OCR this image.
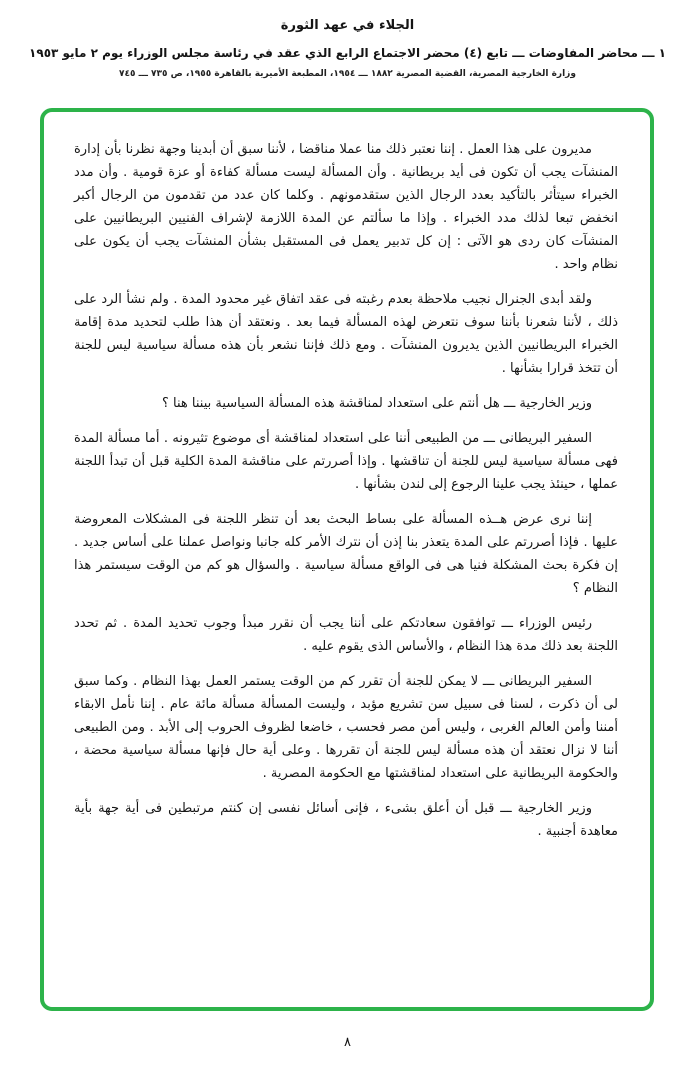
الجلاء في عهد الثورة
١ ـــ محاضر المفاوضات ـــ تابع (٤) محضر الاجتماع الرابع الذي عقد في رئاسة مجلس الوزراء يوم ٢ مايو ١٩٥٣
وزارة الخارجية المصرية، القضية المصرية ١٨٨٢ ـــ ١٩٥٤، المطبعة الأميرية بالقاهرة ١٩٥٥، ص ٧٣٥ ـــ ٧٤٥

مديرون على هذا العمل . إننا نعتبر ذلك منا عملا مناقضا ، لأننا سبق أن أبدينا وجهة نظرنا بأن إدارة المنشآت يجب أن تكون فى أيد بريطانية . وأن المسألة ليست مسألة كفاءة أو عزة قومية . وأن مدد الخبراء سيتأثر بالتأكيد بعدد الرجال الذين ستقدمونهم . وكلما كان عدد من تقدمون من الرجال أكبر انخفض تبعا لذلك مدد الخبراء . وإذا ما سألتم عن المدة اللازمة لإشراف الفنيين البريطانيين على المنشآت كان ردى هو الآتى : إن كل تدبير يعمل فى المستقبل بشأن المنشآت يجب أن يكون على نظام واحد .

ولقد أبدى الجنرال نجيب ملاحظة بعدم رغبته فى عقد اتفاق غير محدود المدة . ولم نشأ الرد على ذلك ، لأننا شعرنا بأننا سوف نتعرض لهذه المسألة فيما بعد . ونعتقد أن هذا طلب لتحديد مدة إقامة الخبراء البريطانيين الذين يديرون المنشآت . ومع ذلك فإننا نشعر بأن هذه مسألة سياسية ليس للجنة أن تتخذ قرارا بشأنها .

وزير الخارجية ـــ هل أنتم على استعداد لمناقشة هذه المسألة السياسية بيننا هنا ؟

السفير البريطانى ـــ من الطبيعى أننا على استعداد لمناقشة أى موضوع تثيرونه . أما مسألة المدة فهى مسألة سياسية ليس للجنة أن تناقشها . وإذا أصررتم على مناقشة المدة الكلية قبل أن تبدأ اللجنة عملها ، حينئذ يجب علينا الرجوع إلى لندن بشأنها .

إننا نرى عرض هــذه المسألة على بساط البحث بعد أن تنظر اللجنة فى المشكلات المعروضة عليها . فإذا أصررتم على المدة يتعذر بنا إذن أن نترك الأمر كله جانبا ونواصل عملنا على أساس جديد . إن فكرة بحث المشكلة فنيا هى فى الواقع مسألة سياسية . والسؤال هو كم من الوقت سيستمر هذا النظام ؟

رئيس الوزراء ـــ توافقون سعادتكم على أننا يجب أن نقرر مبدأ وجوب تحديد المدة . ثم تحدد اللجنة بعد ذلك مدة هذا النظام ، والأساس الذى يقوم عليه .

السفير البريطانى ـــ لا يمكن للجنة أن تقرر كم من الوقت يستمر العمل بهذا النظام . وكما سبق لى أن ذكرت ، لسنا فى سبيل سن تشريع مؤبد ، وليست المسألة مسألة مائة عام . إننا نأمل الابقاء أمننا وأمن العالم الغربى ، وليس أمن مصر فحسب ، خاضعا لظروف الحروب إلى الأبد . ومن الطبيعى أننا لا نزال نعتقد أن هذه مسألة ليس للجنة أن تقررها . وعلى أية حال فإنها مسألة سياسية محضة ، والحكومة البريطانية على استعداد لمناقشتها مع الحكومة المصرية .

وزير الخارجية ـــ قبل أن أعلق بشىء ، فإنى أسائل نفسى إن كنتم مرتبطين فى أية جهة بأية معاهدة أجنبية .

٨
